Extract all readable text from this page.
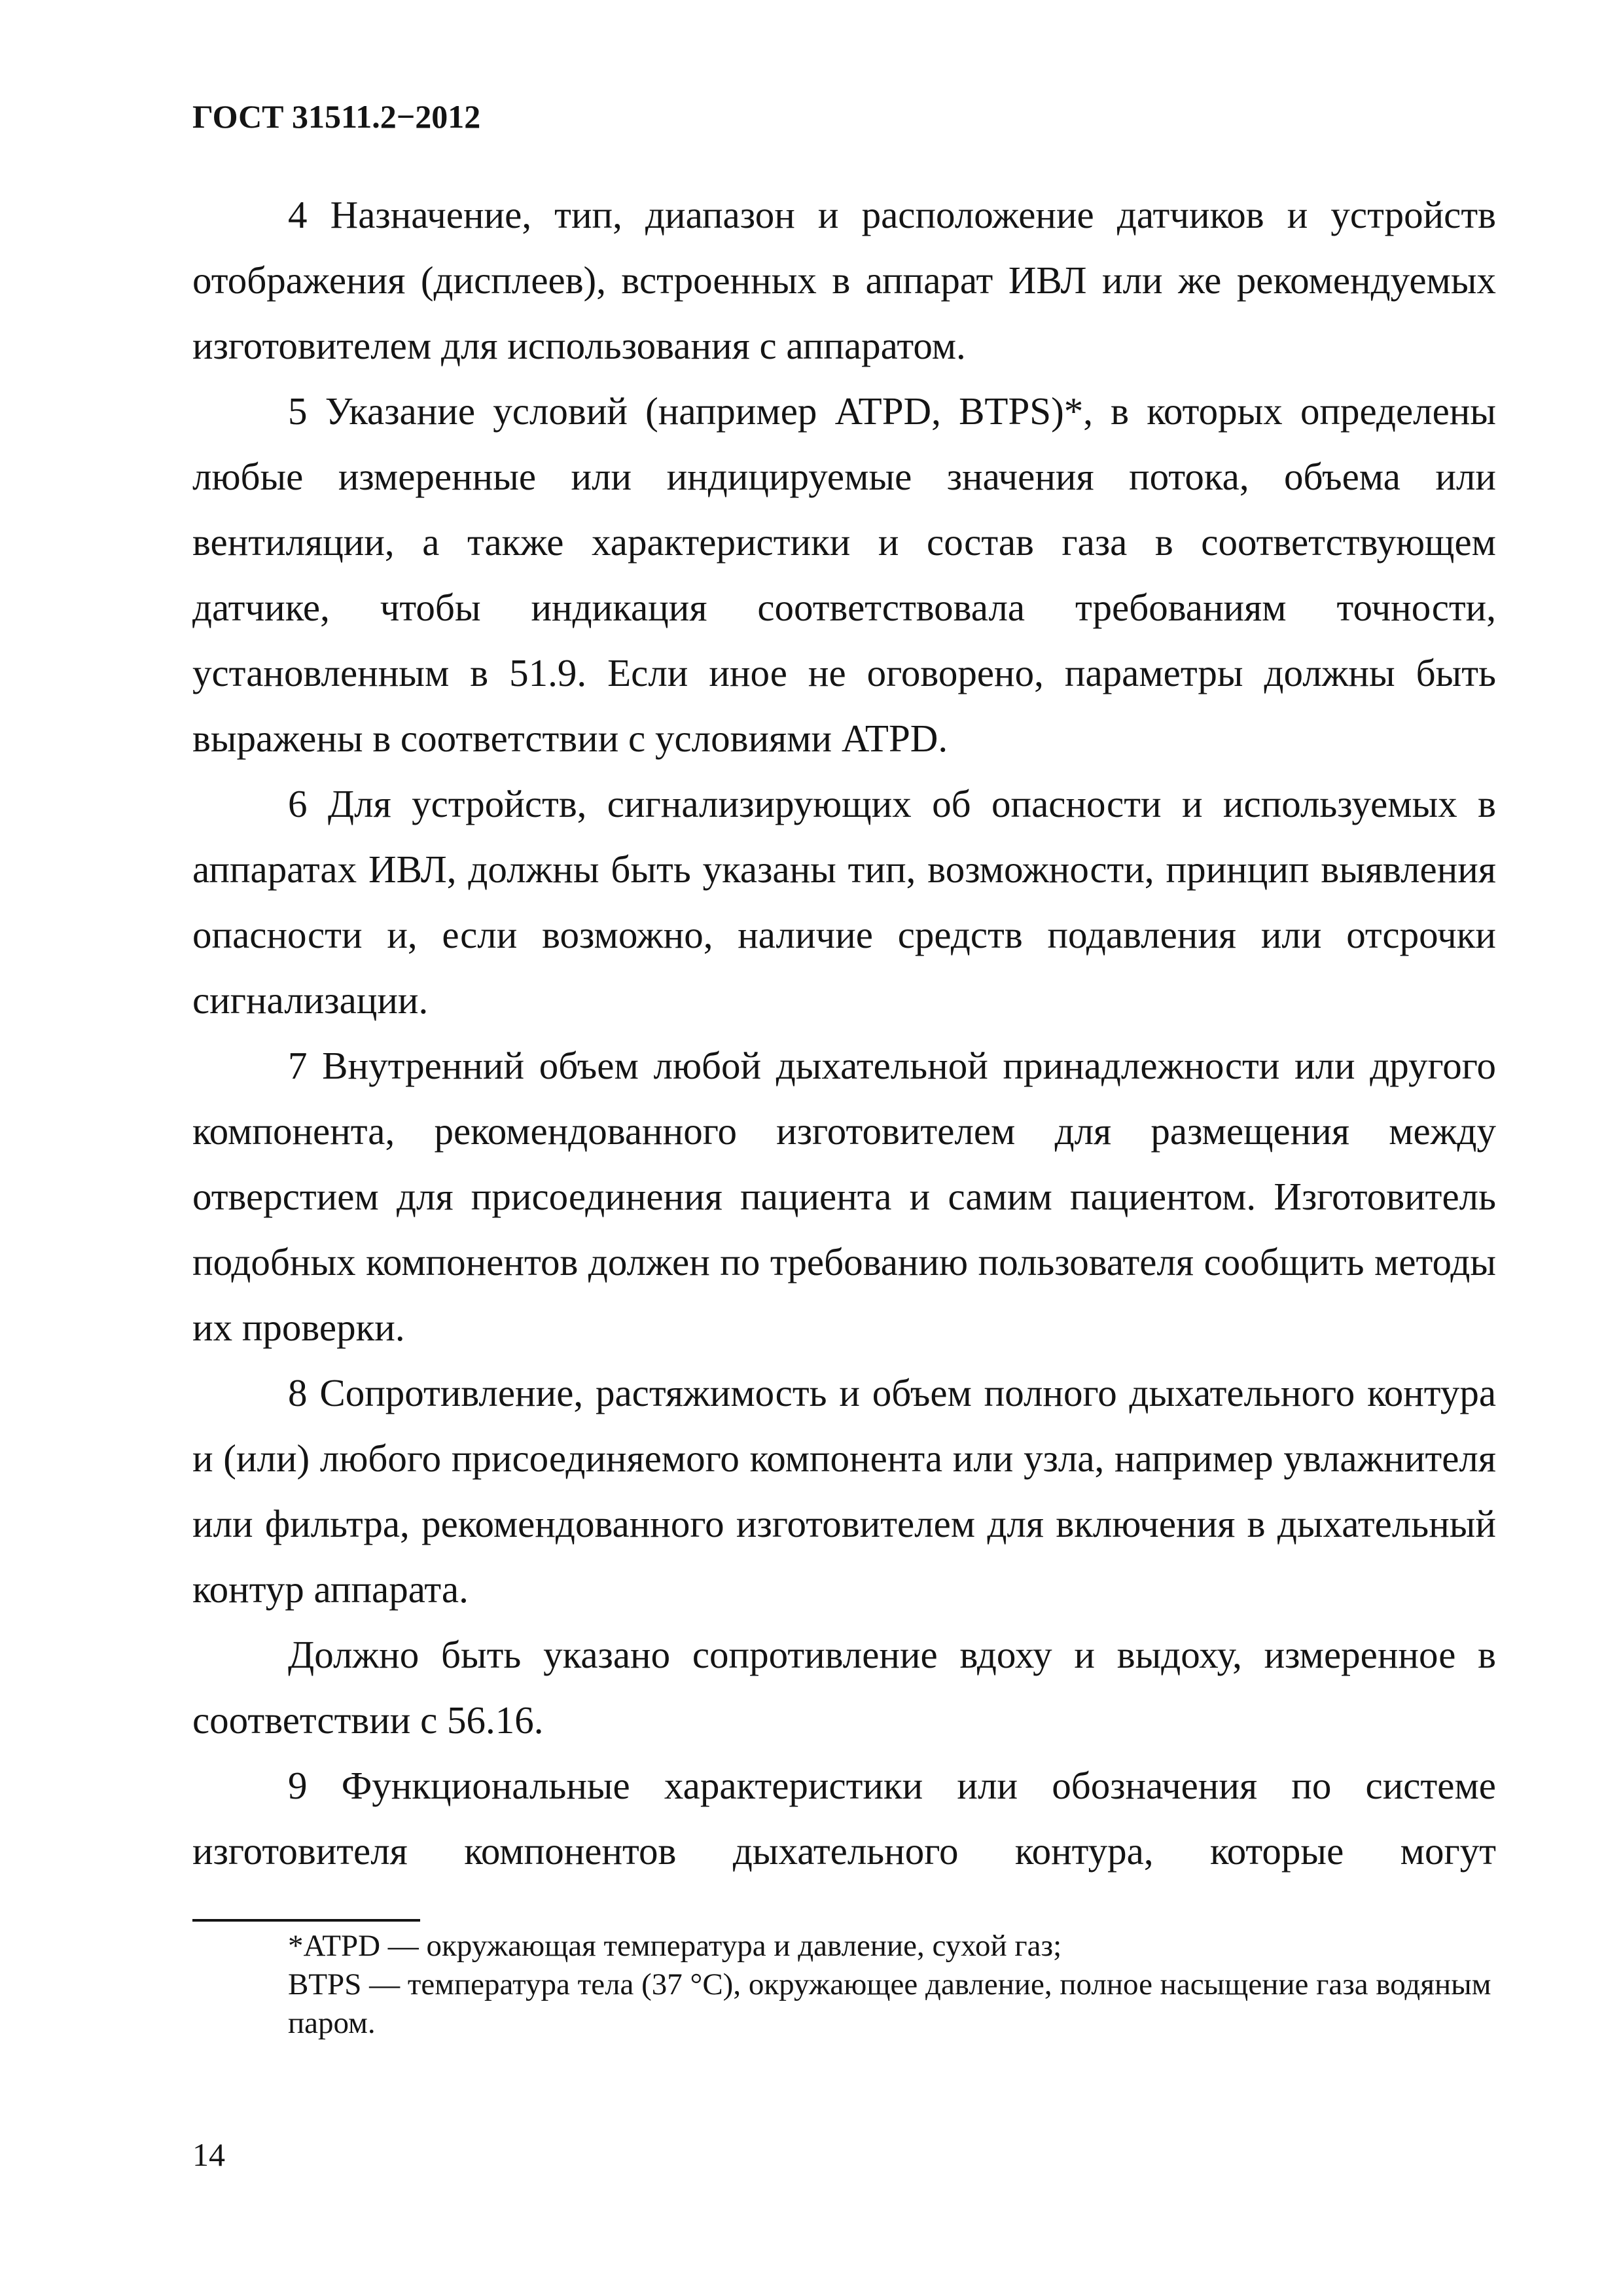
ГОСТ 31511.2−2012

4 Назначение, тип, диапазон и расположение датчиков и устройств отображения (дисплеев), встроенных в аппарат ИВЛ или же рекомендуемых изготовителем для использования с аппаратом.

5 Указание условий (например ATPD, BTPS)*, в которых определены любые измеренные или индицируемые значения потока, объема или вентиляции, а также характеристики и состав газа в соответствующем датчике, чтобы индикация соответствовала требованиям точности, установленным в 51.9. Если иное не оговорено, параметры должны быть выражены в соответствии с условиями ATPD.

6 Для устройств, сигнализирующих об опасности и используемых в аппаратах ИВЛ, должны быть указаны тип, возможности, принцип выявления опасности и, если возможно, наличие средств подавления или отсрочки сигнализации.

7 Внутренний объем любой дыхательной принадлежности или другого компонента, рекомендованного изготовителем для размещения между отверстием для присоединения пациента и самим пациентом. Изготовитель подобных компонентов должен по требованию пользователя сообщить методы их проверки.

8 Сопротивление, растяжимость и объем полного дыхательного контура и (или) любого присоединяемого компонента или узла, например увлажнителя или фильтра, рекомендованного изготовителем для включения в дыхательный контур аппарата.

Должно быть указано сопротивление вдоху и выдоху, измеренное в соответствии с 56.16.

9 Функциональные характеристики или обозначения по системе изготовителя компонентов дыхательного контура, которые могут

*ATPD — окружающая температура и давление, сухой газ;

BTPS — температура тела (37 °C), окружающее давление, полное насыщение газа водяным паром.

14
